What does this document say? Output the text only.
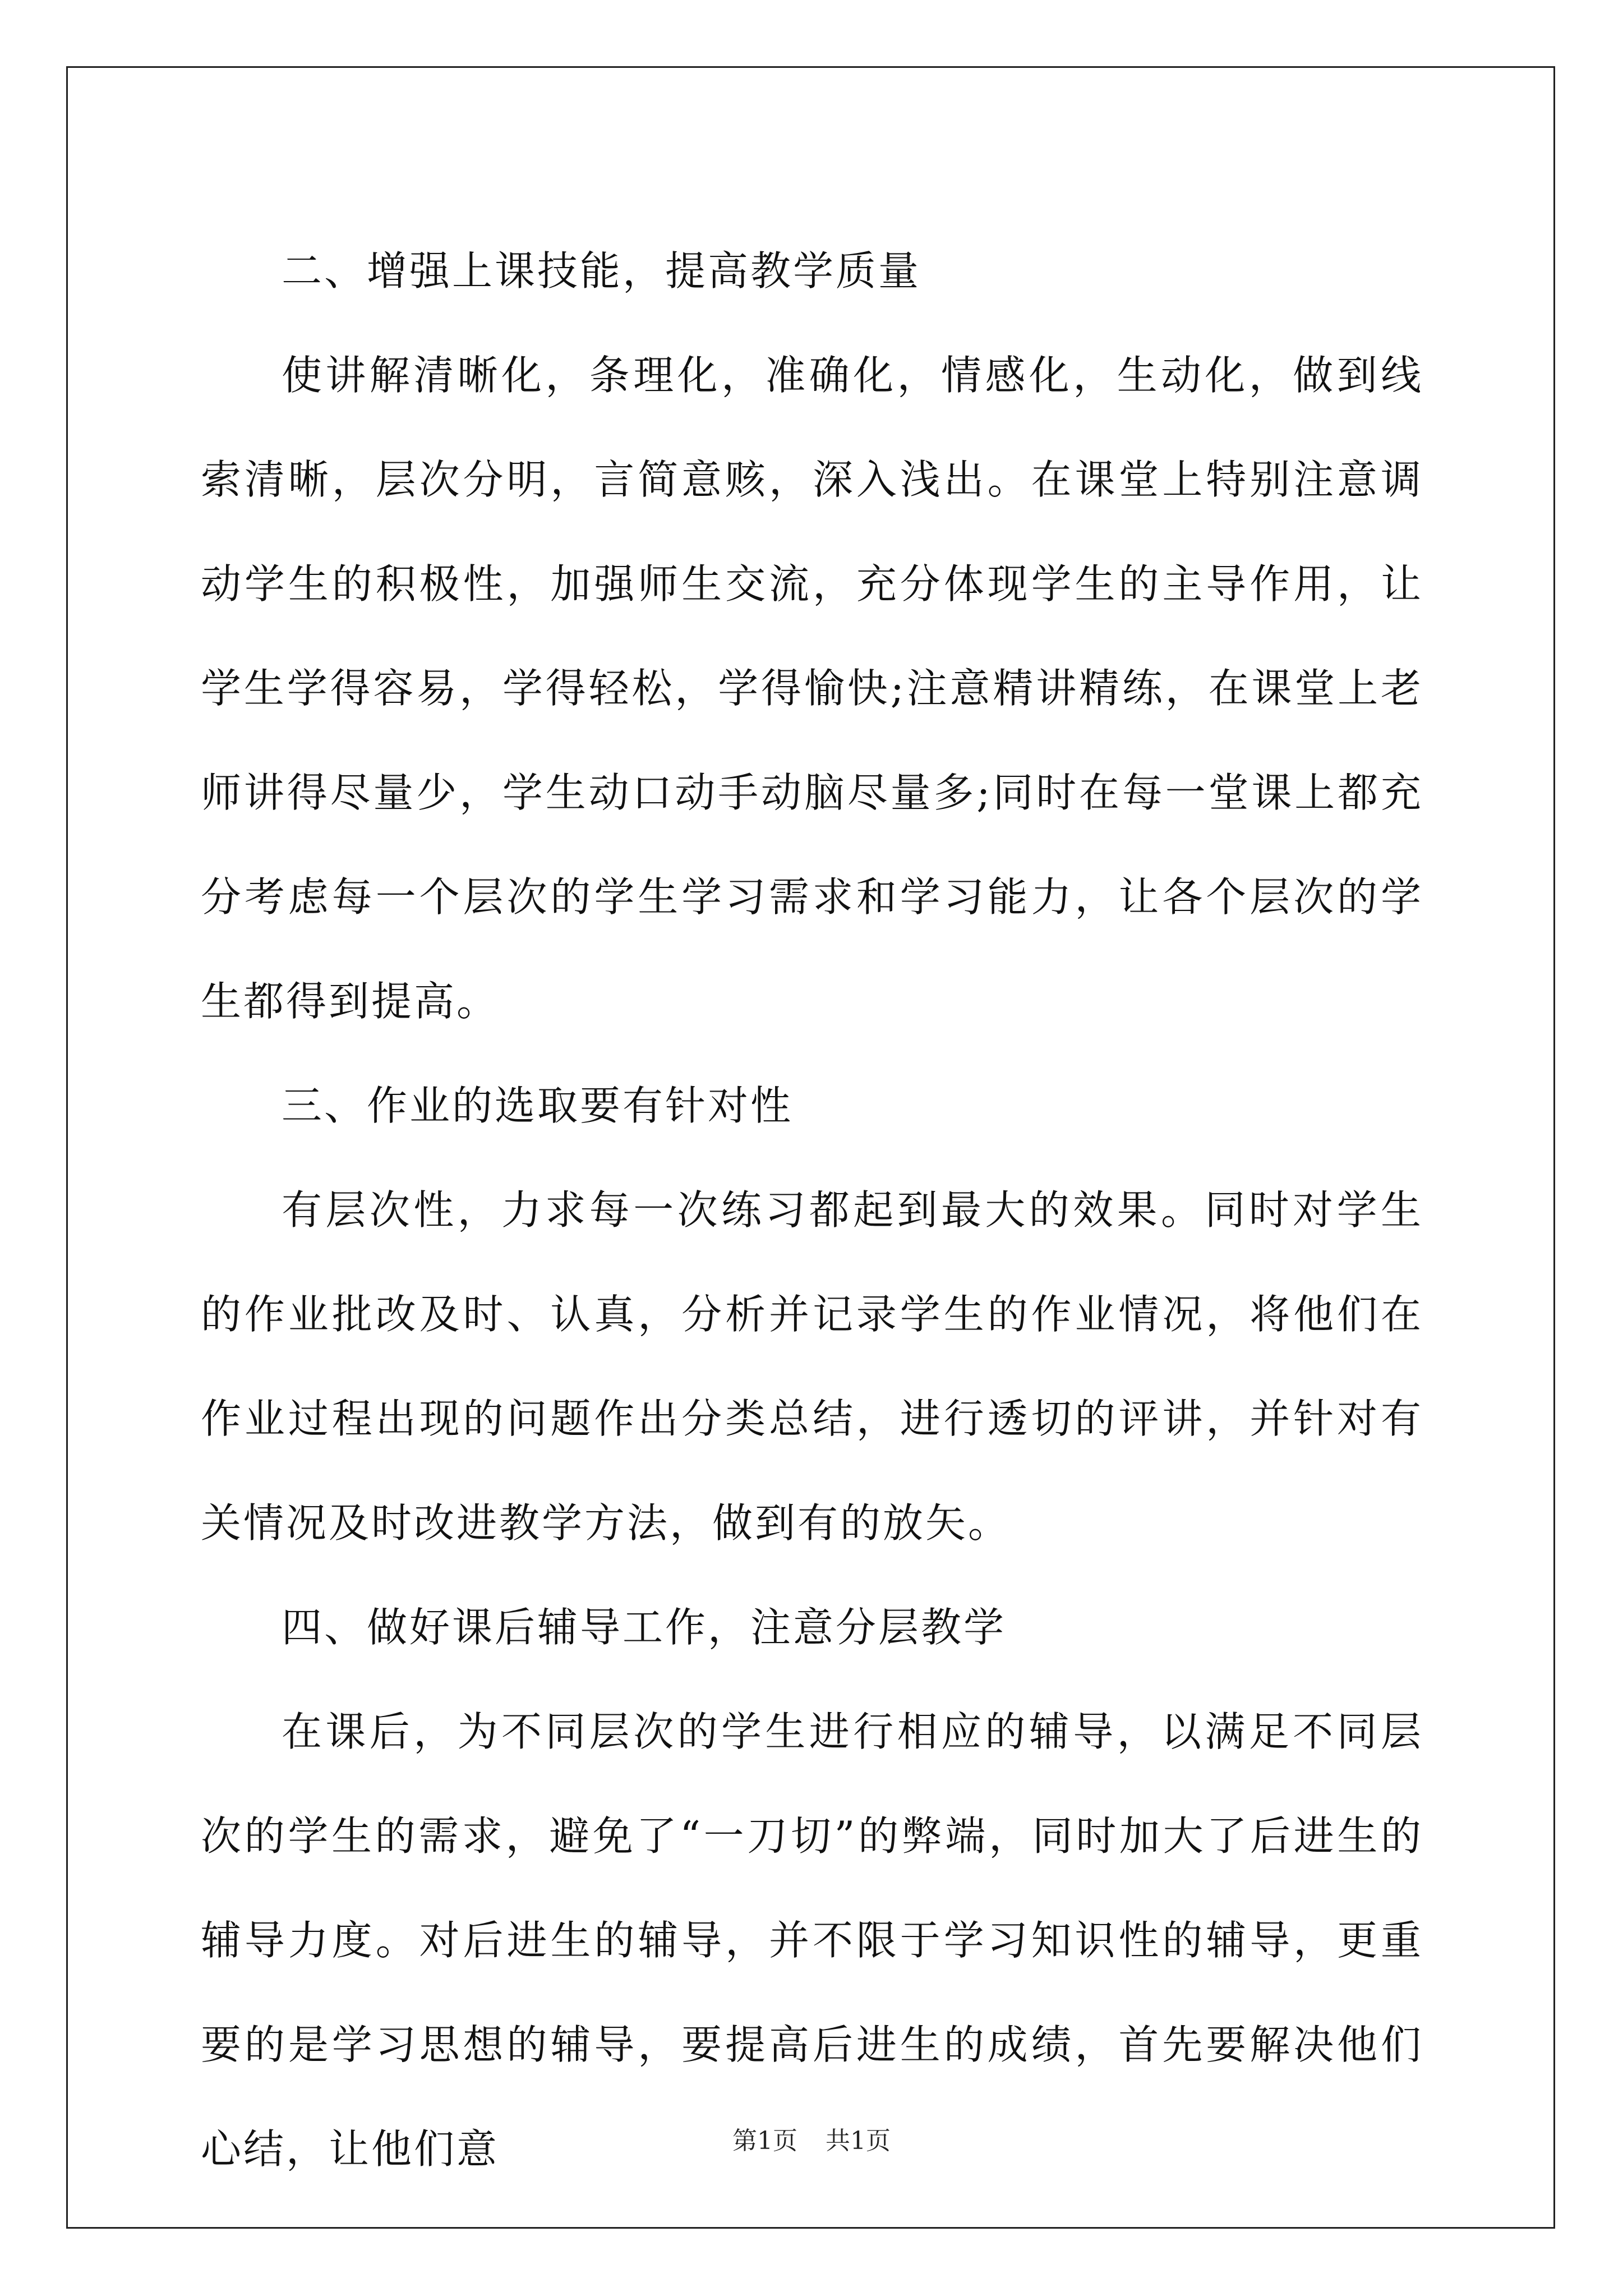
二、增强上课技能，提高教学质量

使讲解清晰化，条理化，准确化，情感化，生动化，做到线索清晰，层次分明，言简意赅，深入浅出。在课堂上特别注意调动学生的积极性，加强师生交流，充分体现学生的主导作用，让学生学得容易，学得轻松，学得愉快;注意精讲精练，在课堂上老师讲得尽量少，学生动口动手动脑尽量多;同时在每一堂课上都充分考虑每一个层次的学生学习需求和学习能力，让各个层次的学生都得到提高。

三、作业的选取要有针对性

有层次性，力求每一次练习都起到最大的效果。同时对学生的作业批改及时、认真，分析并记录学生的作业情况，将他们在作业过程出现的问题作出分类总结，进行透切的评讲，并针对有关情况及时改进教学方法，做到有的放矢。

四、做好课后辅导工作，注意分层教学

在课后，为不同层次的学生进行相应的辅导，以满足不同层次的学生的需求，避免了“一刀切”的弊端，同时加大了后进生的辅导力度。对后进生的辅导，并不限于学习知识性的辅导，更重要的是学习思想的辅导，要提高后进生的成绩，首先要解决他们心结，让他们意	第1页 共1页
